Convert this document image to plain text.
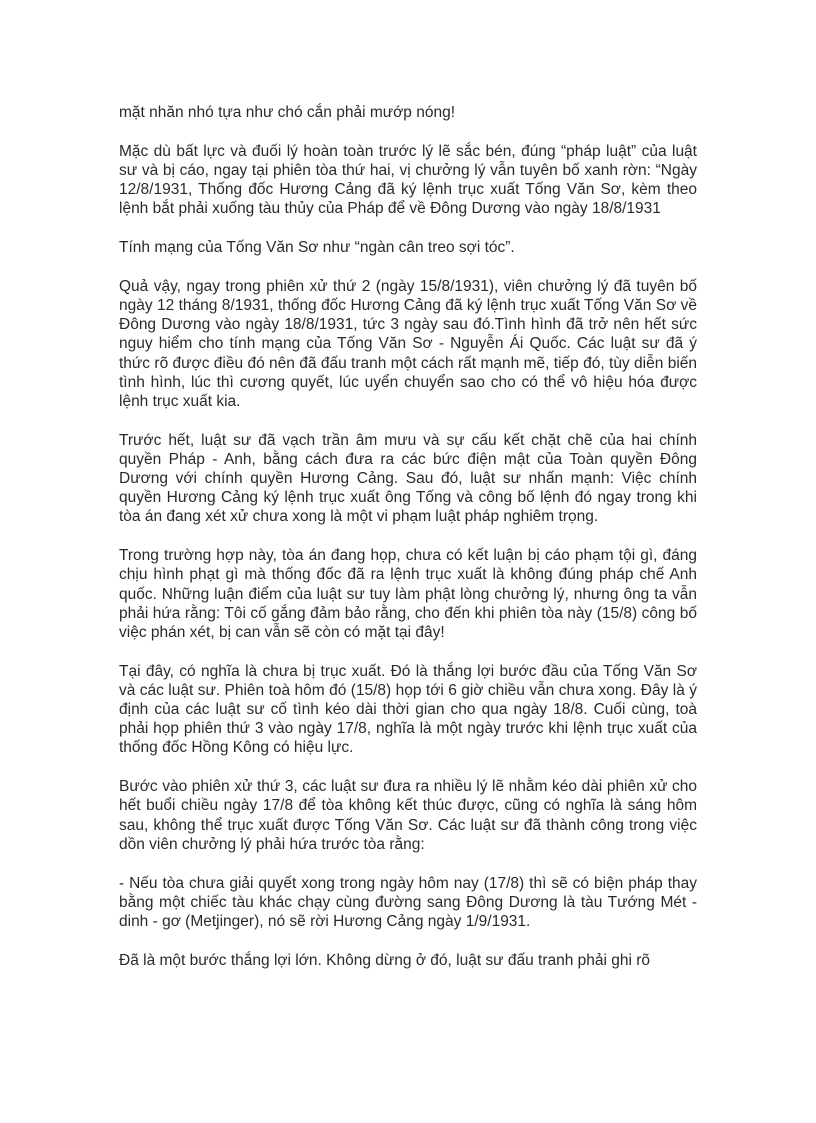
mặt nhăn nhó tựa như chó cắn phải mướp nóng!

Mặc dù bất lực và đuối lý hoàn toàn trước lý lẽ sắc bén, đúng “pháp luật” của luật sư và bị cáo, ngay tại phiên tòa thứ hai, vị chưởng lý vẫn tuyên bố xanh rờn: “Ngày 12/8/1931, Thống đốc Hương Cảng đã ký lệnh trục xuất Tống Văn Sơ, kèm theo lệnh bắt phải xuống tàu thủy của Pháp để về Đông Dương vào ngày 18/8/1931

Tính mạng của Tống Văn Sơ như “ngàn cân treo sợi tóc”.

Quả vậy, ngay trong phiên xử thứ 2 (ngày 15/8/1931), viên chưởng lý đã tuyên bố ngày 12 tháng 8/1931, thống đốc Hương Cảng đã ký lệnh trục xuất Tống Văn Sơ về Đông Dương vào ngày 18/8/1931, tức 3 ngày sau đó.Tình hình đã trở nên hết sức nguy hiểm cho tính mạng của Tống Văn Sơ - Nguyễn Ái Quốc. Các luật sư đã ý thức rõ được điều đó nên đã đấu tranh một cách rất mạnh mẽ, tiếp đó, tùy diễn biến tình hình, lúc thì cương quyết, lúc uyển chuyển sao cho có thể vô hiệu hóa được lệnh trục xuất kia.

Trước hết, luật sư đã vạch trần âm mưu và sự cấu kết chặt chẽ của hai chính quyền Pháp - Anh, bằng cách đưa ra các bức điện mật của Toàn quyền Đông Dương với chính quyền Hương Cảng. Sau đó, luật sư nhấn mạnh: Việc chính quyền Hương Cảng ký lệnh trục xuất ông Tống và công bố lệnh đó ngay trong khi tòa án đang xét xử chưa xong là một vi phạm luật pháp nghiêm trọng.

Trong trường hợp này, tòa án đang họp, chưa có kết luận bị cáo phạm tội gì, đáng chịu hình phạt gì mà thống đốc đã ra lệnh trục xuất là không đúng pháp chế Anh quốc. Những luận điểm của luật sư tuy làm phật lòng chưởng lý, nhưng ông ta vẫn phải hứa rằng: Tôi cố gắng đảm bảo rằng, cho đến khi phiên tòa này (15/8) công bố việc phán xét, bị can vẫn sẽ còn có mặt tại đây!

Tại đây, có nghĩa là chưa bị trục xuất. Đó là thắng lợi bước đầu của Tống Văn Sơ và các luật sư. Phiên toà hôm đó (15/8) họp tới 6 giờ chiều vẫn chưa xong. Đây là ý định của các luật sư cố tình kéo dài thời gian cho qua ngày 18/8. Cuối cùng, toà phải họp phiên thứ 3 vào ngày 17/8, nghĩa là một ngày trước khi lệnh trục xuất của thống đốc Hồng Kông có hiệu lực.

Bước vào phiên xử thứ 3, các luật sư đưa ra nhiều lý lẽ nhằm kéo dài phiên xử cho hết buổi chiều ngày 17/8 để tòa không kết thúc được, cũng có nghĩa là sáng hôm sau, không thể trục xuất được Tống Văn Sơ. Các luật sư đã thành công trong việc dồn viên chưởng lý phải hứa trước tòa rằng:

- Nếu tòa chưa giải quyết xong trong ngày hôm nay (17/8) thì sẽ có biện pháp thay bằng một chiếc tàu khác chạy cùng đường sang Đông Dương là tàu Tướng Mét - dinh - gơ (Metjinger), nó sẽ rời Hương Cảng ngày 1/9/1931.

Đã là một bước thắng lợi lớn. Không dừng ở đó, luật sư đấu tranh phải ghi rõ
